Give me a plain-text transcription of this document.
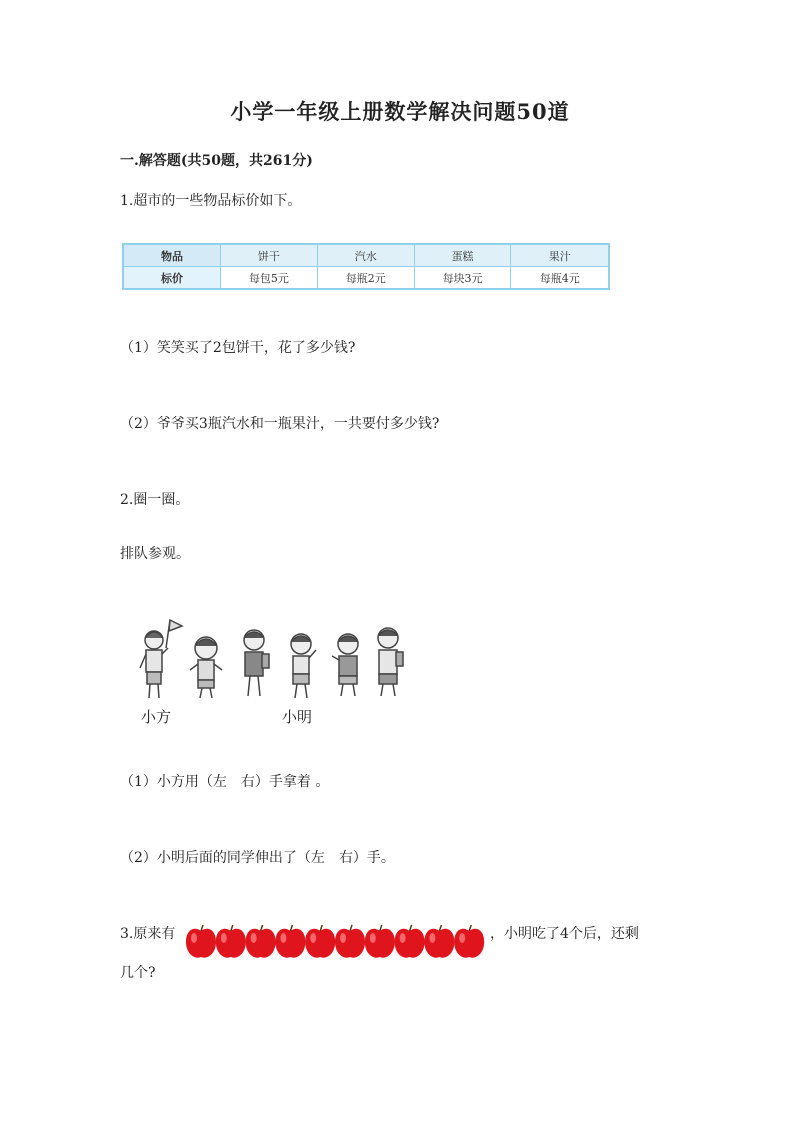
小学一年级上册数学解决问题50道
一.解答题(共50题，共261分)
1.超市的一些物品标价如下。
物品	饼干	汽水	蛋糕	果汁
标价	每包5元	每瓶2元	每块3元	每瓶4元
（1）笑笑买了2包饼干，花了多少钱?
（2）爷爷买3瓶汽水和一瓶果汁，一共要付多少钱?
2.圈一圈。
排队参观。
小方	小明
（1）小方用（左　右）手拿着 。
（2）小明后面的同学伸出了（左　右）手。
3.原来有	，小明吃了4个后，还剩
几个?
